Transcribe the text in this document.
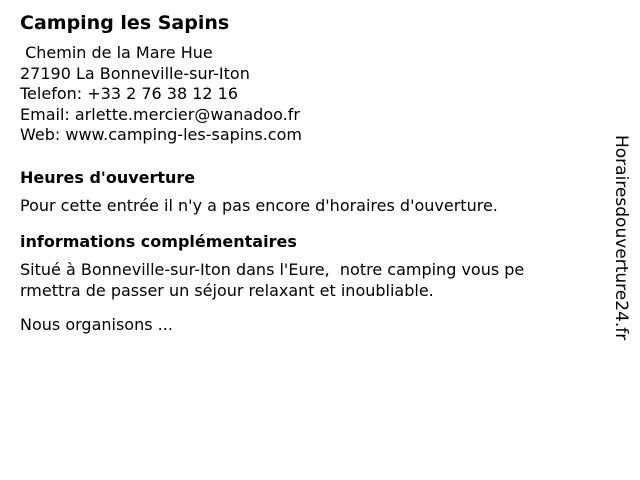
Camping les Sapins
Chemin de la Mare Hue
27190 La Bonneville-sur-Iton
Telefon: +33 2 76 38 12 16
Email: arlette.mercier@wanadoo.fr
Web: www.camping-les-sapins.com
Heures d'ouverture
Pour cette entrée il n'y a pas encore d'horaires d'ouverture.
informations complémentaires
Situé à Bonneville-sur-Iton dans l'Eure,  notre camping vous pe
rmettra de passer un séjour relaxant et inoubliable.
Nous organisons ...	Horairesdouverture24.fr
